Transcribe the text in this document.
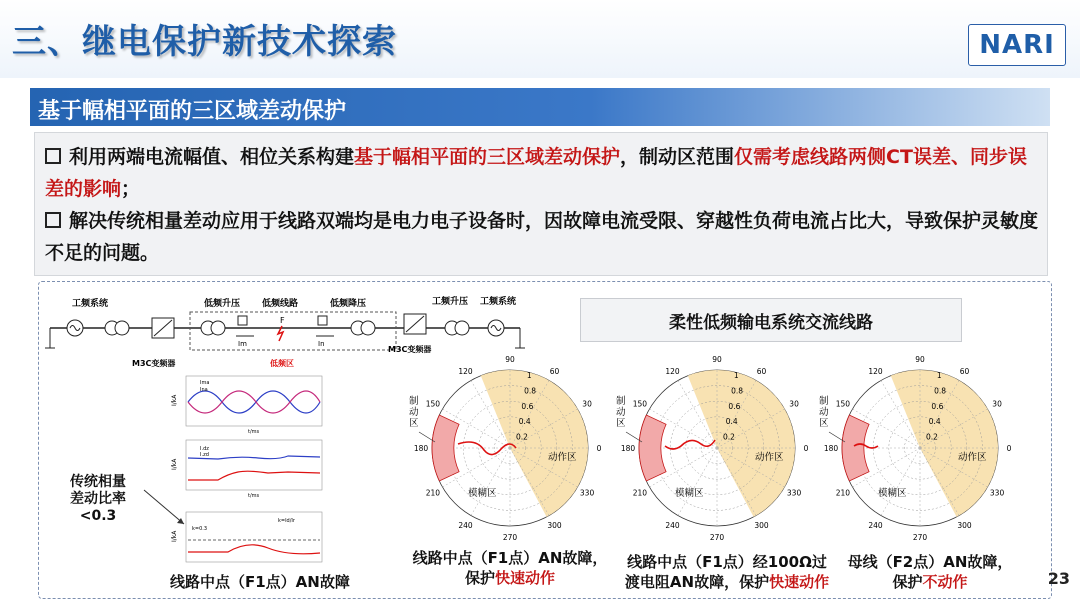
三、继电保护新技术探索	NARI
基于幅相平面的三区域差动保护
利用两端电流幅值、相位关系构建基于幅相平面的三区域差动保护，制动区范围仅需考虑线路两侧CT误差、同步误差的影响；
解决传统相量差动应用于线路双端均是电力电子设备时，因故障电流受限、穿越性负荷电流占比大，导致保护灵敏度不足的问题。
工频系统	低频升压 低频线路	低频降压
F
Im	In
M3C变频器	低频区
M3C变频器
工频升压 工频系统
柔性低频输电系统交流线路
传统相量
差动比率
<0.3
I/kA
Ima
Ina
t/ms
I/kA
I.dz
I.zd
t/ms
I/kA
k=0.3
k=Id/Ir
90
60
30
0
330
300
270
240
210
180
150
120	1
0.8
0.6
0.4
0.2
动作区
模糊区
制
动
区
90
60
30
0
330
300
270
240
210
180
150
120	1
0.8
0.6
0.4
0.2
动作区
模糊区
制
动
区
90
60
30
0
330
300
270
240
210
180
150
120	1
0.8
0.6
0.4
0.2
动作区
模糊区
制
动
区
线路中点（F1点）AN故障
线路中点（F1点）AN故障，
保护快速动作
线路中点（F1点）经100Ω过
渡电阻AN故障，保护快速动作
母线（F2点）AN故障，
保护不动作	23
